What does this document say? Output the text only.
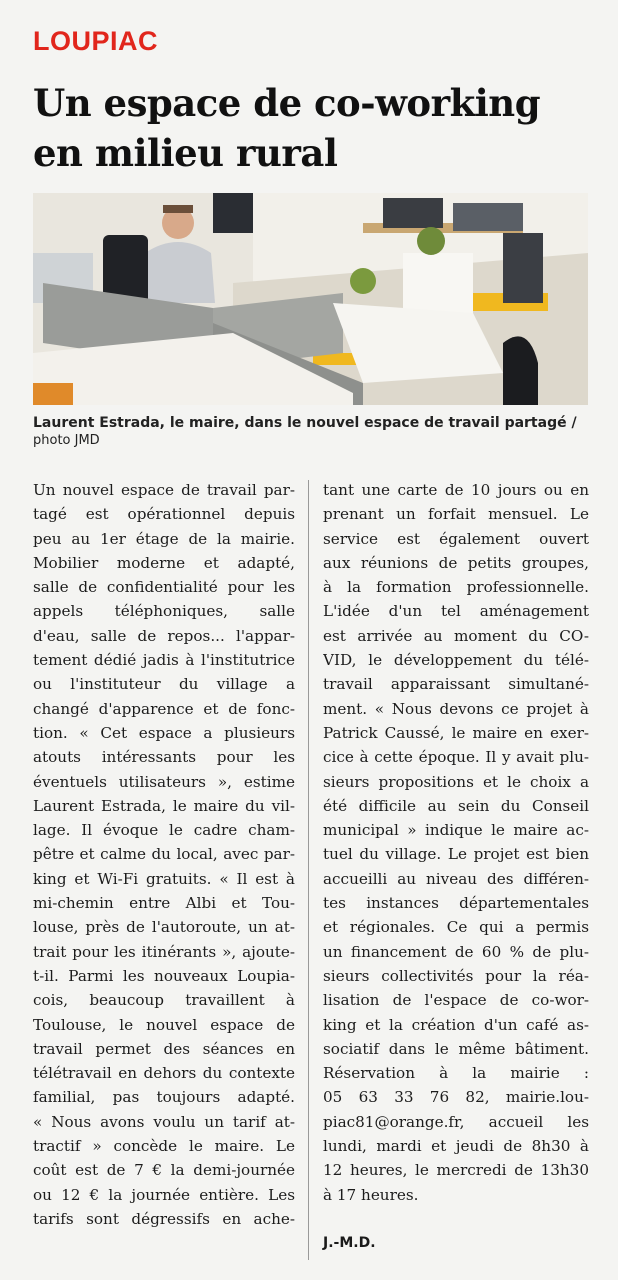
LOUPIAC
Un espace de co-working
en milieu rural
Laurent Estrada, le maire, dans le nouvel espace de travail partagé /
photo JMD
Un nouvel espace de travail par-
tagé est opérationnel depuis
peu au 1er étage de la mairie.
Mobilier moderne et adapté,
salle de confidentialité pour les
appels téléphoniques, salle
d'eau, salle de repos... l'appar-
tement dédié jadis à l'institutrice
ou l'instituteur du village a
changé d'apparence et de fonc-
tion. « Cet espace a plusieurs
atouts intéressants pour les
éventuels utilisateurs », estime
Laurent Estrada, le maire du vil-
lage. Il évoque le cadre cham-
pêtre et calme du local, avec par-
king et Wi-Fi gratuits. « Il est à
mi-chemin entre Albi et Tou-
louse, près de l'autoroute, un at-
trait pour les itinérants », ajoute-
t-il. Parmi les nouveaux Loupia-
cois, beaucoup travaillent à
Toulouse, le nouvel espace de
travail permet des séances en
télétravail en dehors du contexte
familial, pas toujours adapté.
« Nous avons voulu un tarif at-
tractif » concède le maire. Le
coût est de 7 € la demi-journée
ou 12 € la journée entière. Les
tarifs sont dégressifs en ache-
tant une carte de 10 jours ou en
prenant un forfait mensuel. Le
service est également ouvert
aux réunions de petits groupes,
à la formation professionnelle.
L'idée d'un tel aménagement
est arrivée au moment du CO-
VID, le développement du télé-
travail apparaissant simultané-
ment. « Nous devons ce projet à
Patrick Caussé, le maire en exer-
cice à cette époque. Il y avait plu-
sieurs propositions et le choix a
été difficile au sein du Conseil
municipal » indique le maire ac-
tuel du village. Le projet est bien
accueilli au niveau des différen-
tes instances départementales
et régionales. Ce qui a permis
un financement de 60 % de plu-
sieurs collectivités pour la réa-
lisation de l'espace de co-wor-
king et la création d'un café as-
sociatif dans le même bâtiment.
Réservation à la mairie :
05 63 33 76 82, mairie.lou-
piac81@orange.fr, accueil les
lundi, mardi et jeudi de 8h30 à
12 heures, le mercredi de 13h30
à 17 heures.
J.-M.D.
